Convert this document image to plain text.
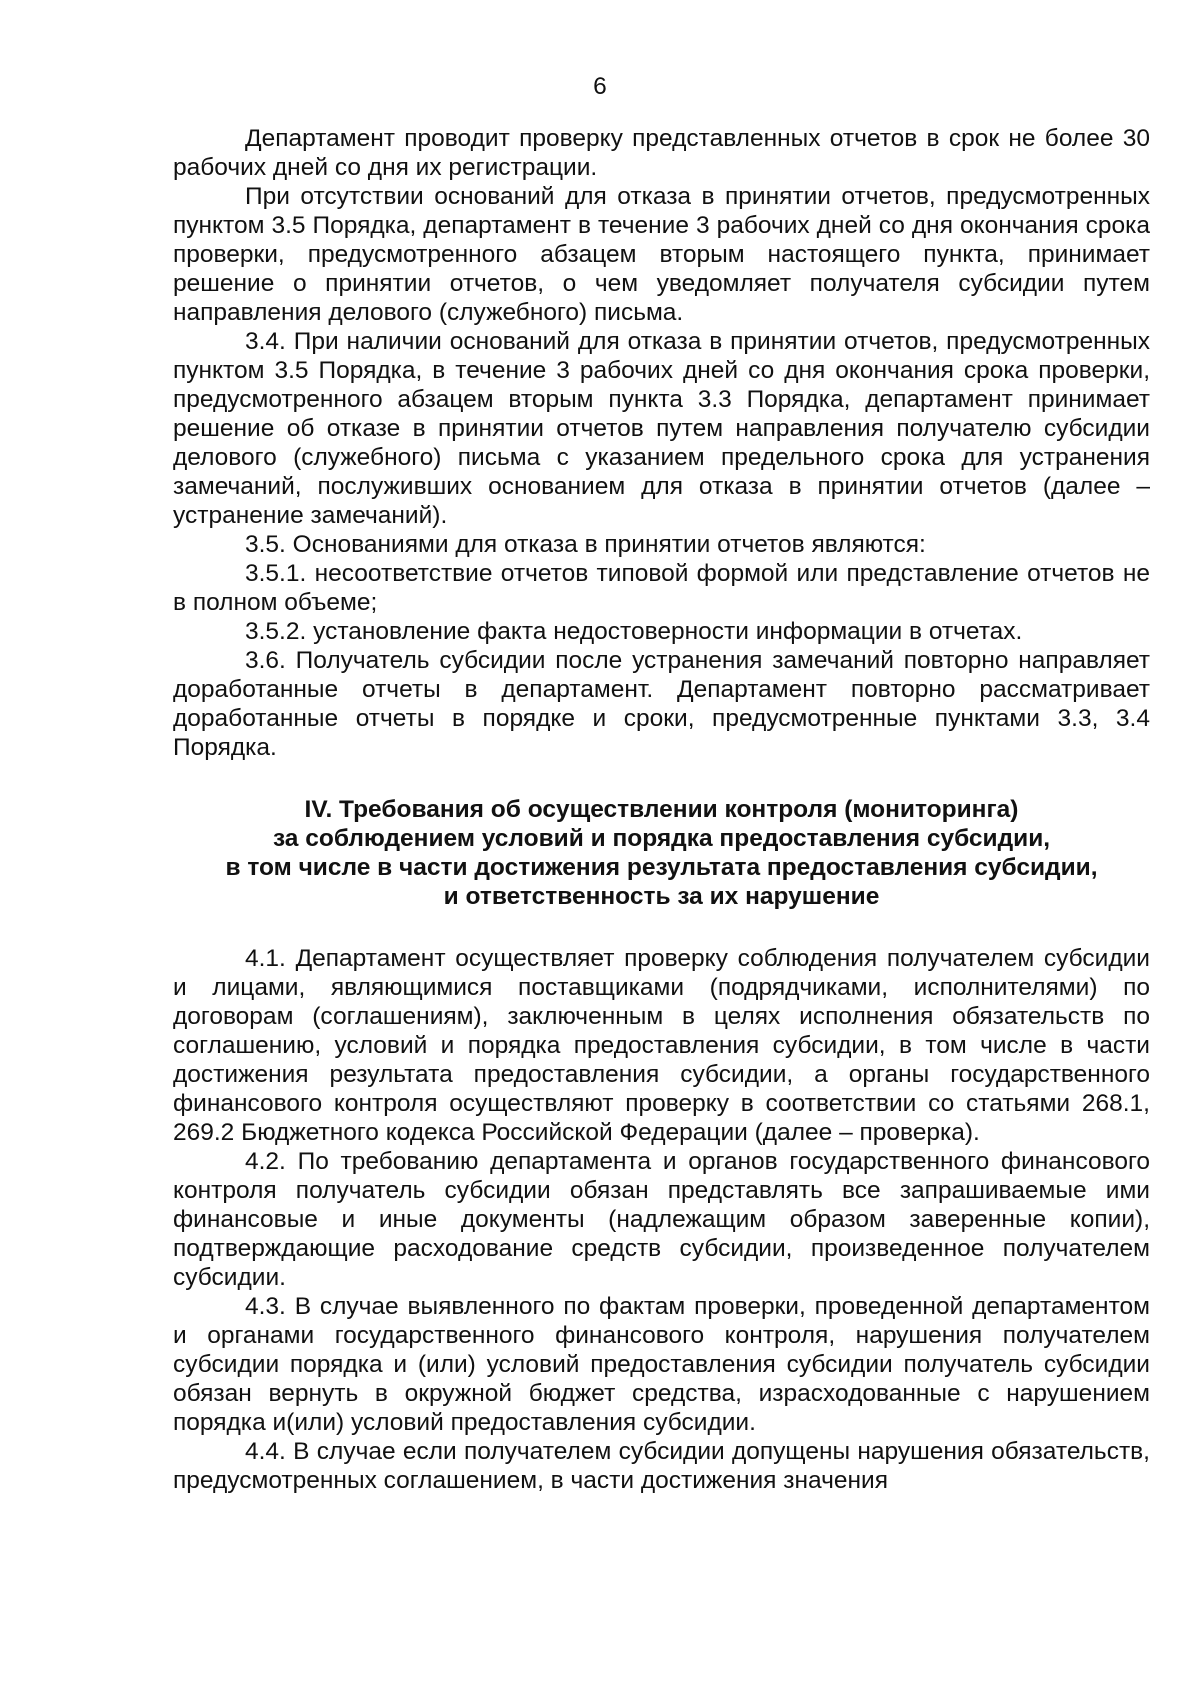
6

Департамент проводит проверку представленных отчетов в срок не более 30 рабочих дней со дня их регистрации.

При отсутствии оснований для отказа в принятии отчетов, предусмотренных пунктом 3.5 Порядка, департамент в течение 3 рабочих дней со дня окончания срока проверки, предусмотренного абзацем вторым настоящего пункта, принимает решение о принятии отчетов, о чем уведомляет получателя субсидии путем направления делового (служебного) письма.

3.4. При наличии оснований для отказа в принятии отчетов, предусмотренных пунктом 3.5 Порядка, в течение 3 рабочих дней со дня окончания срока проверки, предусмотренного абзацем вторым пункта 3.3 Порядка, департамент принимает решение об отказе в принятии отчетов путем направления получателю субсидии делового (служебного) письма с указанием предельного срока для устранения замечаний, послуживших основанием для отказа в принятии отчетов (далее – устранение замечаний).

3.5. Основаниями для отказа в принятии отчетов являются:

3.5.1. несоответствие отчетов типовой формой или представление отчетов не в полном объеме;

3.5.2. установление факта недостоверности информации в отчетах.

3.6. Получатель субсидии после устранения замечаний повторно направляет доработанные отчеты в департамент. Департамент повторно рассматривает доработанные отчеты в порядке и сроки, предусмотренные пунктами 3.3, 3.4 Порядка.

IV. Требования об осуществлении контроля (мониторинга)
за соблюдением условий и порядка предоставления субсидии,
в том числе в части достижения результата предоставления субсидии,
и ответственность за их нарушение

4.1. Департамент осуществляет проверку соблюдения получателем субсидии и лицами, являющимися поставщиками (подрядчиками, исполнителями) по договорам (соглашениям), заключенным в целях исполнения обязательств по соглашению, условий и порядка предоставления субсидии, в том числе в части достижения результата предоставления субсидии, а органы государственного финансового контроля осуществляют проверку в соответствии со статьями 268.1, 269.2 Бюджетного кодекса Российской Федерации (далее – проверка).

4.2. По требованию департамента и органов государственного финансового контроля получатель субсидии обязан представлять все запрашиваемые ими финансовые и иные документы (надлежащим образом заверенные копии), подтверждающие расходование средств субсидии, произведенное получателем субсидии.

4.3. В случае выявленного по фактам проверки, проведенной департаментом и органами государственного финансового контроля, нарушения получателем субсидии порядка и (или) условий предоставления субсидии получатель субсидии обязан вернуть в окружной бюджет средства, израсходованные с нарушением порядка и(или) условий предоставления субсидии.

4.4. В случае если получателем субсидии допущены нарушения обязательств, предусмотренных соглашением, в части достижения значения
